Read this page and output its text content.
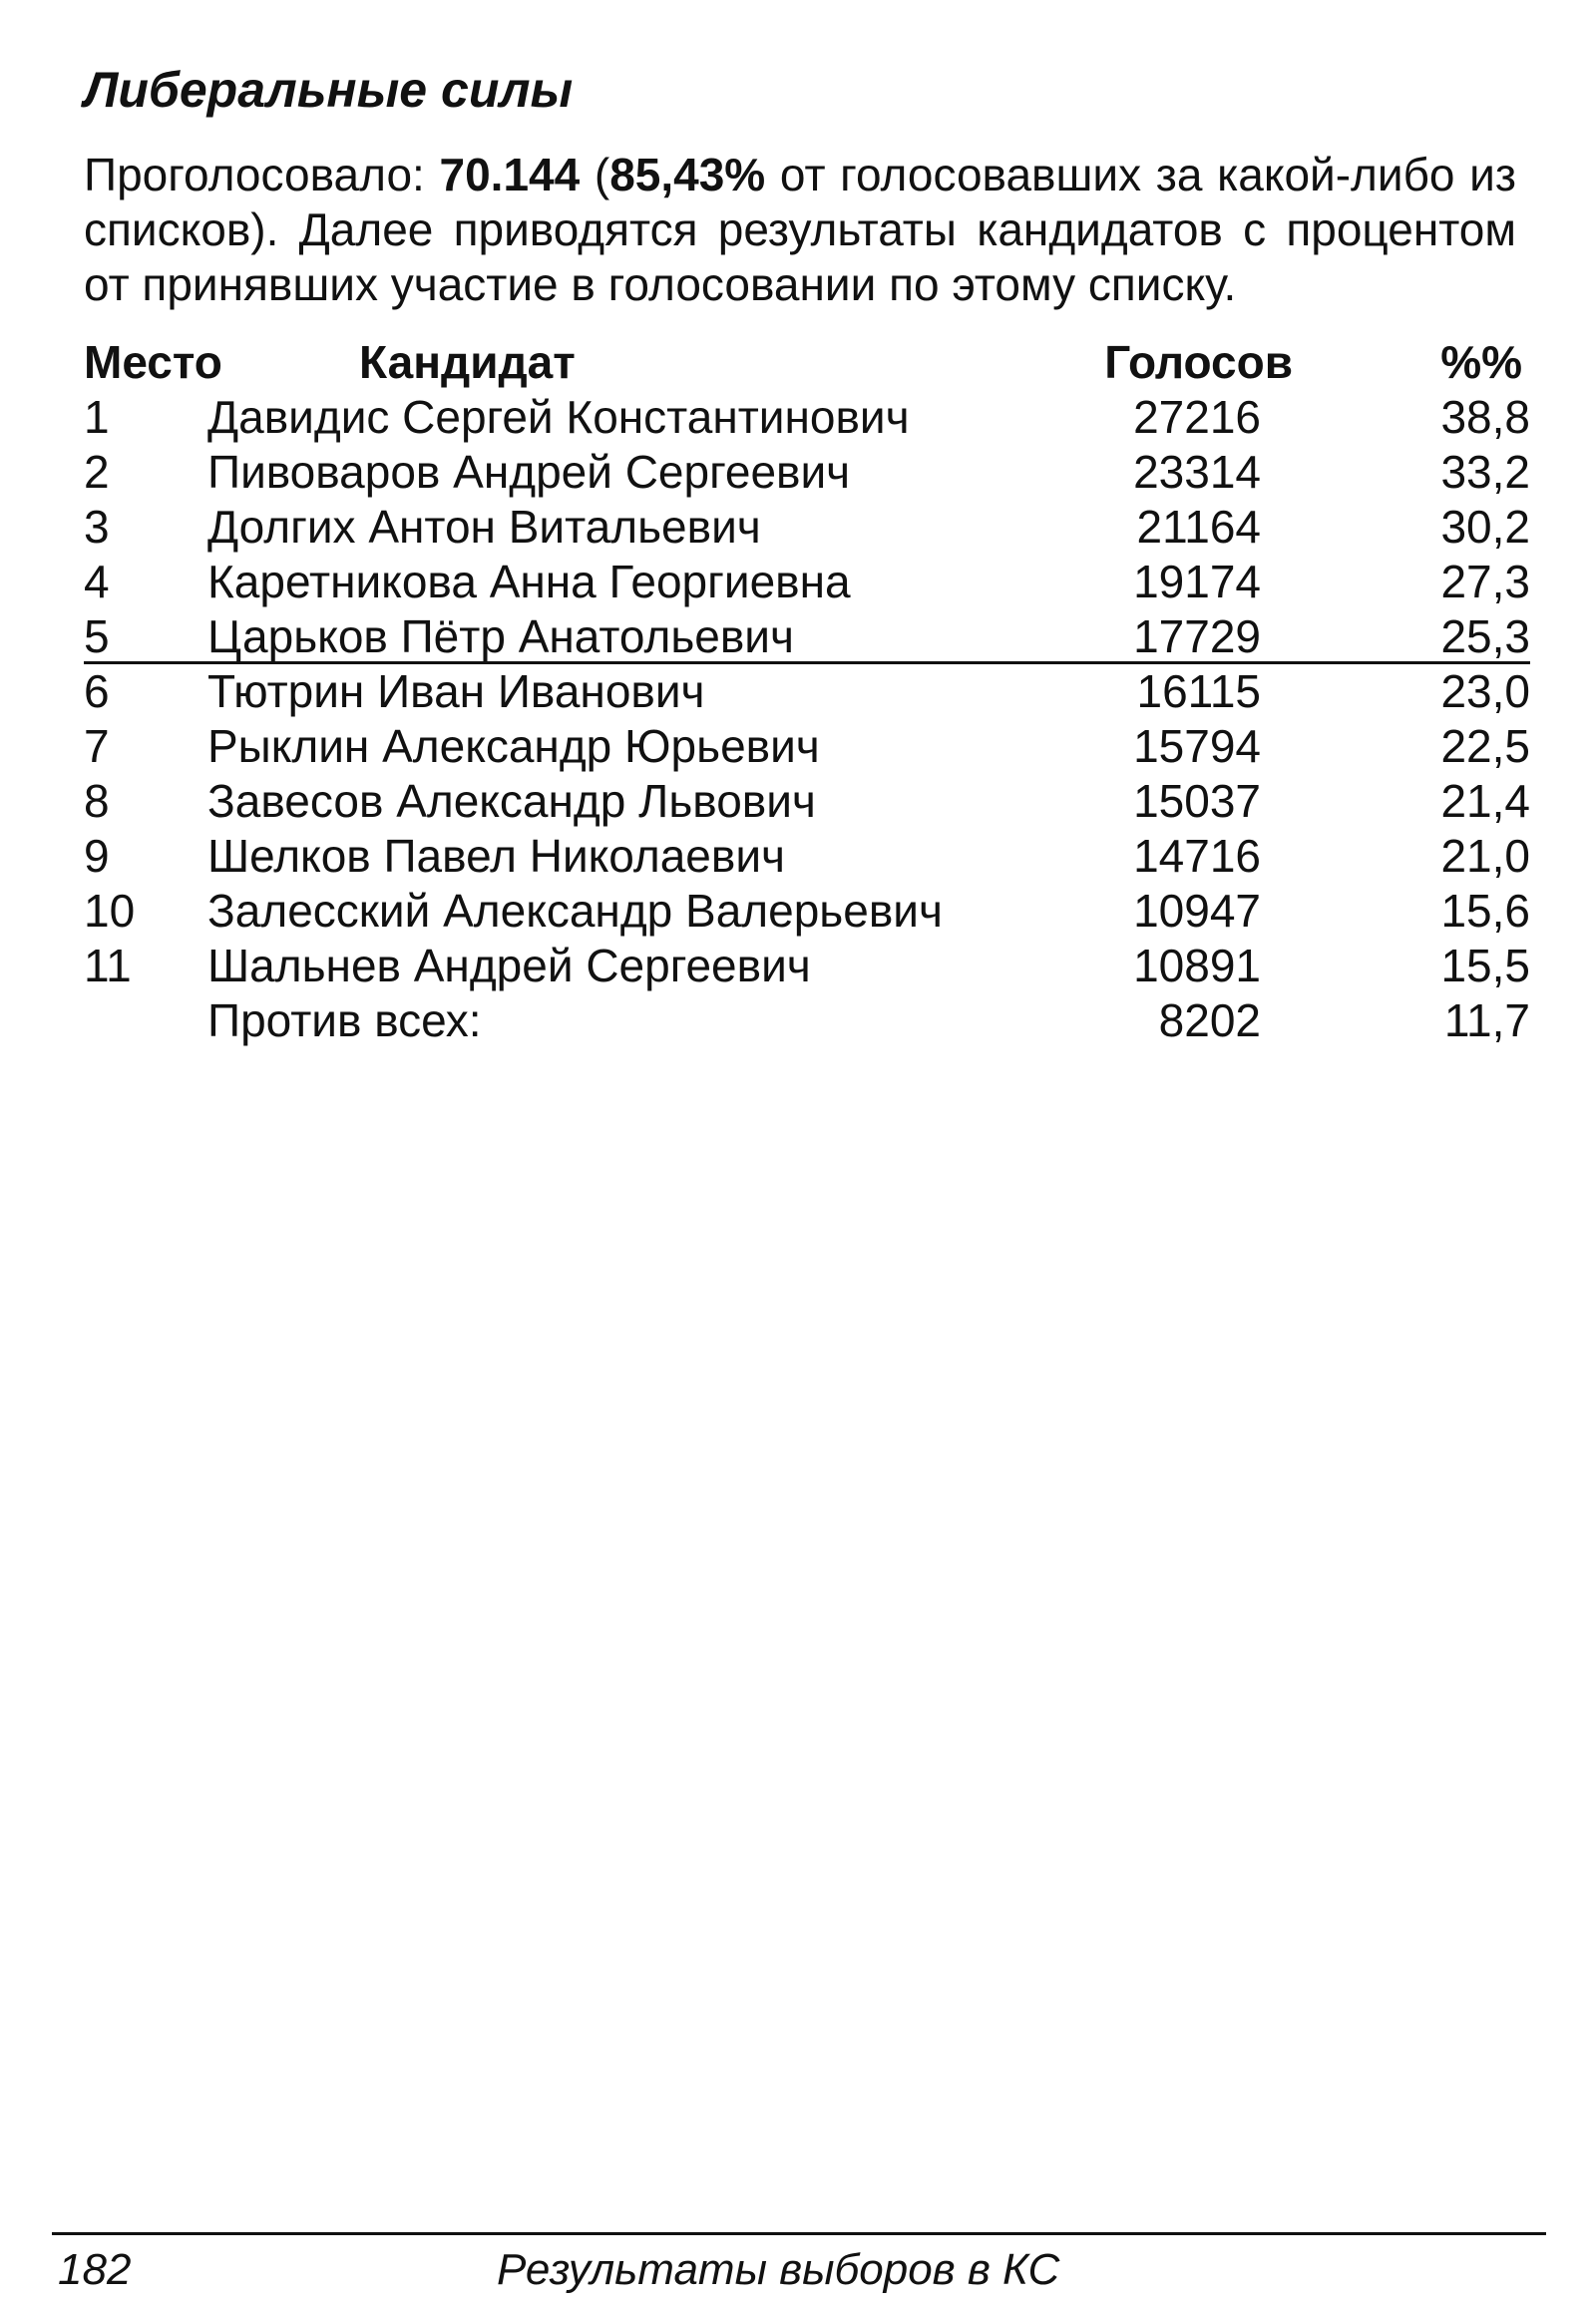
Либеральные силы

Проголосовало: 70.144 (85,43% от голосовавших за какой-либо из списков). Далее приводятся результаты кандидатов с процентом от принявших участие в голосовании по этому списку.

Место	Кандидат	Голосов	%%
1 Давидис Сергей Константинович	27216	38,8
2 Пивоваров Андрей Сергеевич	23314	33,2
3 Долгих Антон Витальевич	21164	30,2
4 Каретникова Анна Георгиевна	19174	27,3
5 Царьков Пётр Анатольевич	17729	25,3
6 Тютрин Иван Иванович	16115	23,0
7 Рыклин Александр Юрьевич	15794	22,5
8 Завесов Александр Львович	15037	21,4
9 Шелков Павел Николаевич	14716	21,0
10 Залесский Александр Валерьевич	10947	15,6
11 Шальнев Андрей Сергеевич	10891	15,5
Против всех:	8202	11,7
182	Результаты выборов в КС
